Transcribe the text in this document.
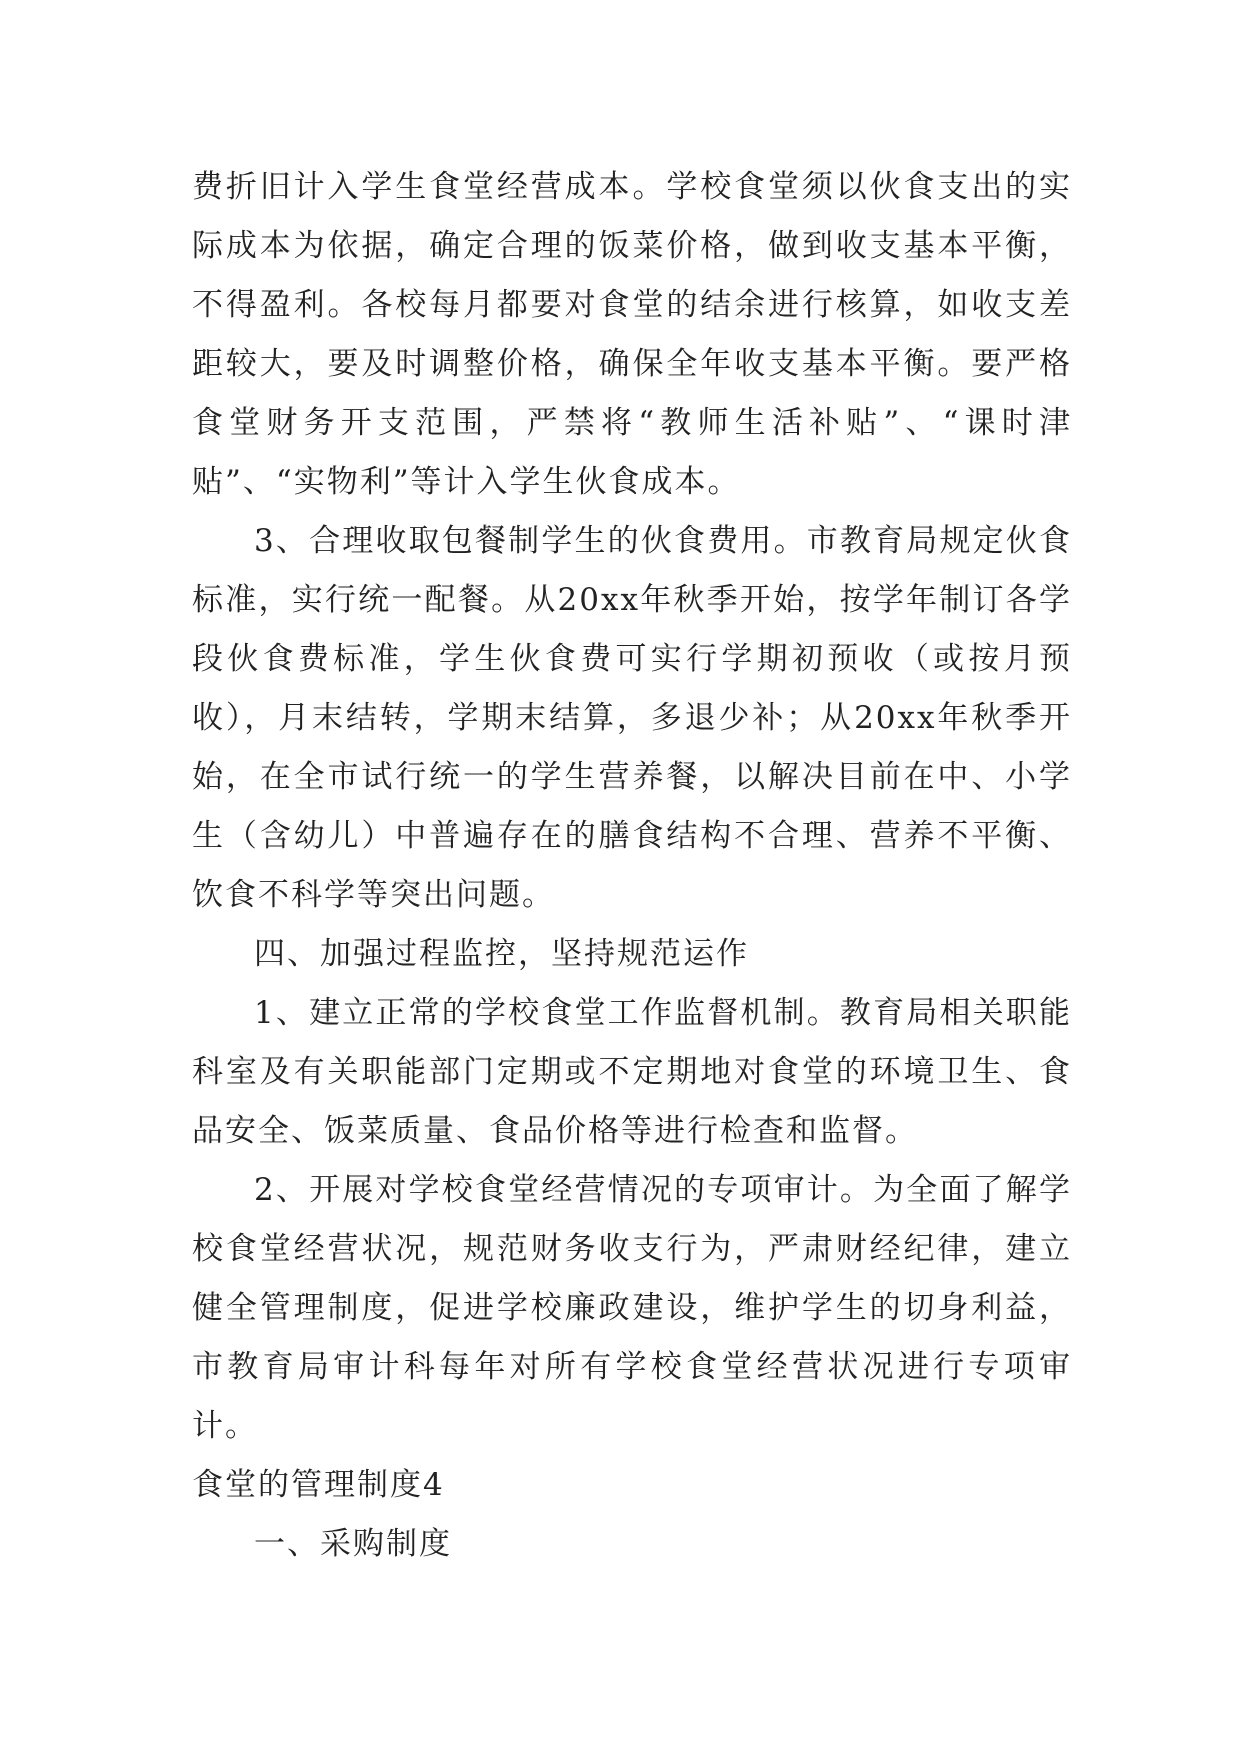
费折旧计入学生食堂经营成本。学校食堂须以伙食支出的实际成本为依据，确定合理的饭菜价格，做到收支基本平衡，不得盈利。各校每月都要对食堂的结余进行核算，如收支差距较大，要及时调整价格，确保全年收支基本平衡。要严格食堂财务开支范围，严禁将“教师生活补贴”、“课时津贴”、“实物利”等计入学生伙食成本。

3、合理收取包餐制学生的伙食费用。市教育局规定伙食标准，实行统一配餐。从20xx年秋季开始，按学年制订各学段伙食费标准，学生伙食费可实行学期初预收（或按月预收），月末结转，学期末结算，多退少补；从20xx年秋季开始，在全市试行统一的学生营养餐，以解决目前在中、小学生（含幼儿）中普遍存在的膳食结构不合理、营养不平衡、饮食不科学等突出问题。

四、加强过程监控，坚持规范运作

1、建立正常的学校食堂工作监督机制。教育局相关职能科室及有关职能部门定期或不定期地对食堂的环境卫生、食品安全、饭菜质量、食品价格等进行检查和监督。

2、开展对学校食堂经营情况的专项审计。为全面了解学校食堂经营状况，规范财务收支行为，严肃财经纪律，建立健全管理制度，促进学校廉政建设，维护学生的切身利益，市教育局审计科每年对所有学校食堂经营状况进行专项审计。

食堂的管理制度4

一、采购制度
